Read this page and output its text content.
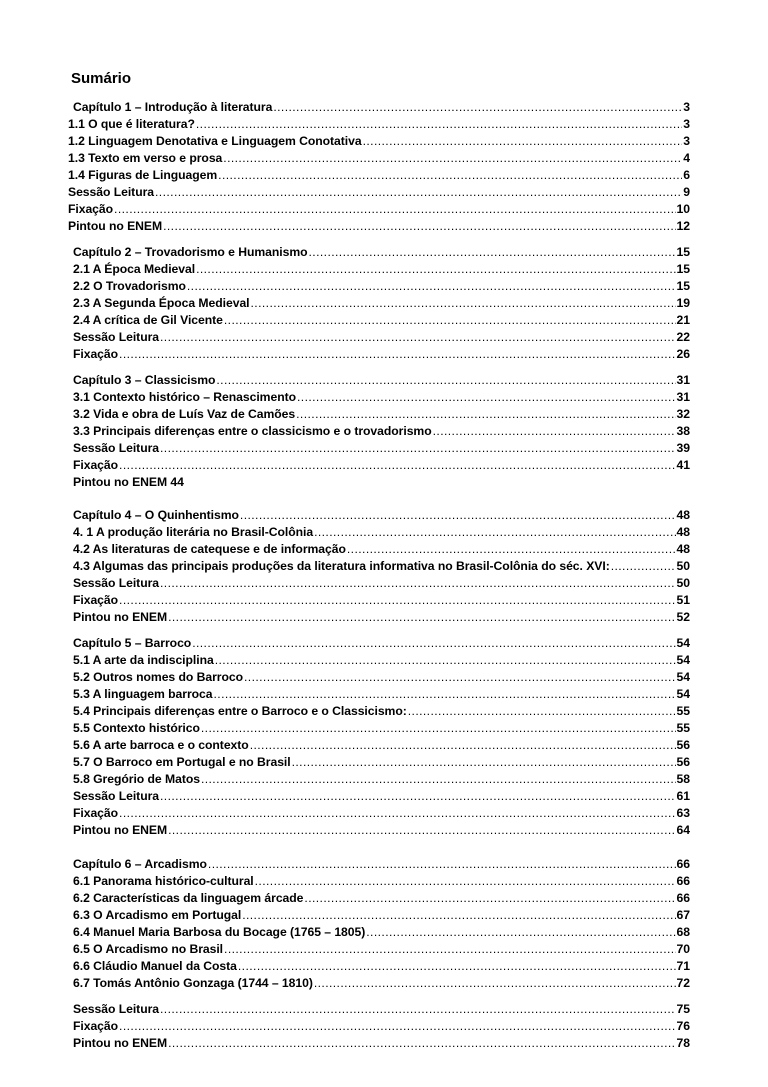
Sumário
Capítulo 1 – Introdução à literatura .....	3
1.1 O que é literatura? .....	3
1.2 Linguagem Denotativa e Linguagem Conotativa .....	3
1.3 Texto em verso e prosa .....	4
1.4 Figuras de Linguagem .....	6
Sessão Leitura .....	9
Fixação .....	10
Pintou no ENEM .....	12
Capítulo 2 – Trovadorismo e Humanismo .....	15
2.1 A Época Medieval .....	15
2.2 O Trovadorismo .....	15
2.3 A Segunda Época Medieval .....	19
2.4 A crítica de Gil Vicente .....	21
Sessão Leitura .....	22
Fixação .....	26
Capítulo 3 – Classicismo .....	31
3.1 Contexto histórico – Renascimento .....	31
3.2 Vida e obra de Luís Vaz de Camões .....	32
3.3 Principais diferenças entre o classicismo e o trovadorismo .....	38
Sessão Leitura .....	39
Fixação .....	41
Pintou no ENEM 44
Capítulo 4 – O Quinhentismo .....	48
4. 1 A produção literária no Brasil-Colônia .....	48
4.2 As literaturas de catequese e de informação .....	48
4.3 Algumas das principais produções da literatura informativa no Brasil-Colônia do séc. XVI: .....	50
Sessão Leitura .....	50
Fixação .....	51
Pintou no ENEM .....	52
Capítulo 5 – Barroco .....	54
5.1 A arte da indisciplina .....	54
5.2 Outros nomes do Barroco .....	54
5.3 A linguagem barroca .....	54
5.4 Principais diferenças entre o Barroco e o Classicismo: .....	55
5.5 Contexto histórico .....	55
5.6 A arte barroca e o contexto .....	56
5.7 O Barroco em Portugal e no Brasil .....	56
5.8 Gregório de Matos .....	58
Sessão Leitura .....	61
Fixação .....	63
Pintou no ENEM .....	64
Capítulo 6 – Arcadismo .....	66
6.1 Panorama histórico-cultural .....	66
6.2 Características da linguagem árcade .....	66
6.3 O Arcadismo em Portugal .....	67
6.4 Manuel Maria Barbosa du Bocage (1765 – 1805) .....	68
6.5 O Arcadismo no Brasil .....	70
6.6 Cláudio Manuel da Costa .....	71
6.7 Tomás Antônio Gonzaga (1744 – 1810) .....	72
Sessão Leitura .....	75
Fixação .....	76
Pintou no ENEM .....	78
